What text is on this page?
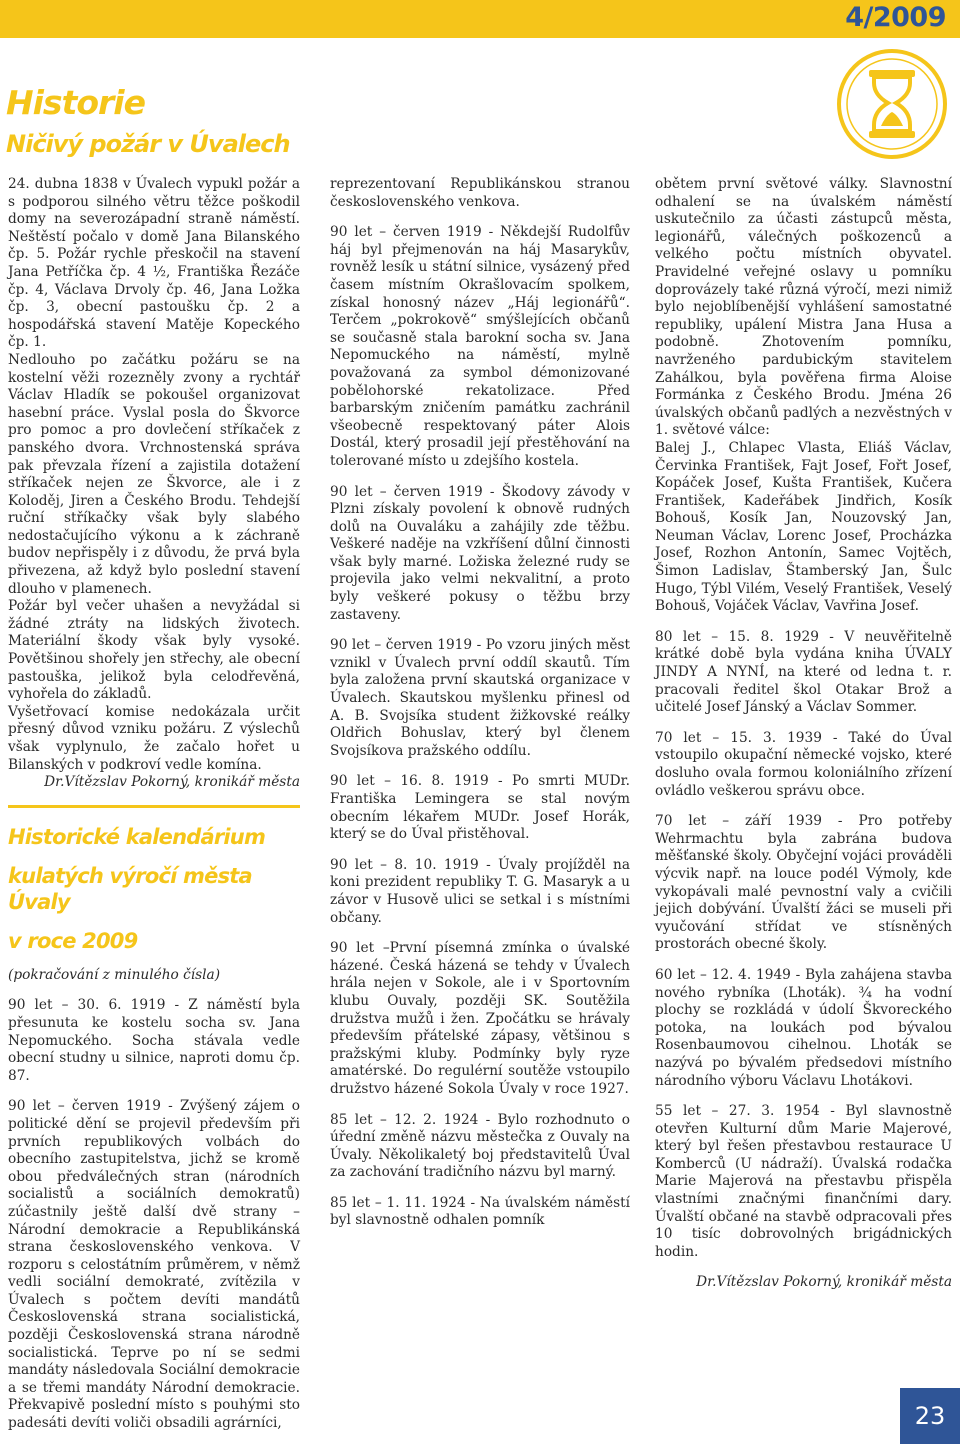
4/2009
Historie
Ničivý požár v Úvalech

24. dubna 1838 v Úvalech vypukl požár a s podporou silného větru těžce poškodil domy na severozápadní straně náměstí. Neštěstí počalo v domě Jana Bilanského čp. 5. Požár rychle přeskočil na stavení Jana Petříčka čp. 4 ½, Františka Řezáče čp. 4, Václava Drvoly čp. 46, Jana Ložka čp. 3, obecní pastoušku čp. 2 a hospodářská stavení Matěje Kopeckého čp. 1.

Nedlouho po začátku požáru se na kostelní věži rozezněly zvony a rychtář Václav Hladík se pokoušel organizovat hasební práce. Vyslal posla do Škvorce pro pomoc a pro dovlečení stříkaček z panského dvora. Vrchnostenská správa pak převzala řízení a zajistila dotažení stříkaček nejen ze Škvorce, ale i z Koloděj, Jiren a Českého Brodu. Tehdejší ruční stříkačky však byly slabého nedostačujícího výkonu a k záchraně budov nepřispěly i z důvodu, že prvá byla přivezena, až když bylo poslední stavení dlouho v plamenech.

Požár byl večer uhašen a nevyžádal si žádné ztráty na lidských životech. Materiální škody však byly vysoké. Povětšinou shořely jen střechy, ale obecní pastouška, jelikož byla celodřevěná, vyhořela do základů.

Vyšetřovací komise nedokázala určit přesný důvod vzniku požáru. Z výslechů však vyplynulo, že začalo hořet u Bilanských v podkroví vedle komína.

Dr.Vítězslav Pokorný, kronikář města

Historické kalendárium

kulatých výročí města Úvaly

v roce 2009

(pokračování z minulého čísla)

90 let – 30. 6. 1919 - Z náměstí byla přesunuta ke kostelu socha sv. Jana Nepomuckého. Socha stávala vedle obecní studny u silnice, naproti domu čp. 87.

90 let – červen 1919 - Zvýšený zájem o politické dění se projevil především při prvních republikových volbách do obecního zastupitelstva, jichž se kromě obou předválečných stran (národních socialistů a sociálních demokratů) zúčastnily ještě další dvě strany – Národní demokracie a Republikánská strana československého venkova. V rozporu s celostátním průměrem, v němž vedli sociální demokraté, zvítězila v Úvalech s počtem devíti mandátů Československá strana socialistická, později Československá strana národně socialistická. Teprve po ní se sedmi mandáty následovala Sociální demokracie a se třemi mandáty Národní demokracie. Překvapivě poslední místo s pouhými sto padesáti devíti voliči obsadili agrárníci,

reprezentovaní Republikánskou stranou československého venkova.

90 let – červen 1919 - Někdejší Rudolfův háj byl přejmenován na háj Masarykův, rovněž lesík u státní silnice, vysázený před časem místním Okrašlovacím spolkem, získal honosný název „Háj legionářů“. Terčem „pokrokově“ smýšlejících občanů se současně stala barokní socha sv. Jana Nepomuckého na náměstí, mylně považovaná za symbol démonizované pobělohorské rekatolizace. Před barbarským zničením památku zachránil všeobecně respektovaný páter Alois Dostál, který prosadil její přestěhování na tolerované místo u zdejšího kostela.

90 let – červen 1919 - Škodovy závody v Plzni získaly povolení k obnově rudných dolů na Ouvaláku a zahájily zde těžbu. Veškeré naděje na vzkříšení důlní činnosti však byly marné. Ložiska železné rudy se projevila jako velmi nekvalitní, a proto byly veškeré pokusy o těžbu brzy zastaveny.

90 let – červen 1919 - Po vzoru jiných měst vznikl v Úvalech první oddíl skautů. Tím byla založena první skautská organizace v Úvalech. Skautskou myšlenku přinesl od A. B. Svojsíka student žižkovské reálky Oldřich Bohuslav, který byl členem Svojsíkova pražského oddílu.

90 let – 16. 8. 1919 - Po smrti MUDr. Františka Lemingera se stal novým obecním lékařem MUDr. Josef Horák, který se do Úval přistěhoval.

90 let – 8. 10. 1919 - Úvaly projížděl na koni prezident republiky T. G. Masaryk a u závor v Husově ulici se setkal i s místními občany.

90 let –První písemná zmínka o úvalské házené. Česká házená se tehdy v Úvalech hrála nejen v Sokole, ale i v Sportovním klubu Ouvaly, později SK. Soutěžila družstva mužů i žen. Zpočátku se hrávaly především přátelské zápasy, většinou s pražskými kluby. Podmínky byly ryze amatérské. Do regulérní soutěže vstoupilo družstvo házené Sokola Úvaly v roce 1927.

85 let – 12. 2. 1924 - Bylo rozhodnuto o úřední změně názvu městečka z Ouvaly na Úvaly. Několikaletý boj představitelů Úval za zachování tradičního názvu byl marný.

85 let – 1. 11. 1924 - Na úvalském náměstí byl slavnostně odhalen pomník

obětem první světové války. Slavnostní odhalení se na úvalském náměstí uskutečnilo za účasti zástupců města, legionářů, válečných poškozenců a velkého počtu místních obyvatel. Pravidelné veřejné oslavy u pomníku doprovázely také různá výročí, mezi nimiž bylo nejoblíbenější vyhlášení samostatné republiky, upálení Mistra Jana Husa a podobně. Zhotovením pomníku, navrženého pardubickým stavitelem Zahálkou, byla pověřena firma Aloise Formánka z Českého Brodu. Jména 26 úvalských občanů padlých a nezvěstných v 1. světové válce:

Balej J., Chlapec Vlasta, Eliáš Václav, Červinka František, Fajt Josef, Fořt Josef, Kopáček Josef, Kušta František, Kučera František, Kadeřábek Jindřich, Kosík Bohouš, Kosík Jan, Nouzovský Jan, Neuman Václav, Lorenc Josef, Procházka Josef, Rozhon Antonín, Samec Vojtěch, Šimon Ladislav, Štamberský Jan, Šulc Hugo, Týbl Vilém, Veselý František, Veselý Bohouš, Vojáček Václav, Vavřina Josef.

80 let – 15. 8. 1929 - V neuvěřitelně krátké době byla vydána kniha ÚVALY JINDY A NYNÍ, na které od ledna t. r. pracovali ředitel škol Otakar Brož a učitelé Josef Jánský a Václav Sommer.

70 let – 15. 3. 1939 - Také do Úval vstoupilo okupační německé vojsko, které dosluho ovala formou koloniálního zřízení ovládlo veškerou správu obce.

70 let – září 1939 - Pro potřeby Wehrmachtu byla zabrána budova měšťanské školy. Obyčejní vojáci prováděli výcvik např. na louce podél Výmoly, kde vykopávali malé pevnostní valy a cvičili jejich dobývání. Úvalští žáci se museli při vyučování střídat ve stísněných prostorách obecné školy.

60 let – 12. 4. 1949 - Byla zahájena stavba nového rybníka (Lhoták). ¾ ha vodní plochy se rozkládá v údolí Škvoreckého potoka, na loukách pod bývalou Rosenbaumovou cihelnou. Lhoták se nazývá po bývalém předsedovi místního národního výboru Václavu Lhotákovi.

55 let – 27. 3. 1954 - Byl slavnostně otevřen Kulturní dům Marie Majerové, který byl řešen přestavbou restaurace U Komberců (U nádraží). Úvalská rodačka Marie Majerová na přestavbu přispěla vlastními značnými finančními dary. Úvalští občané na stavbě odpracovali přes 10 tisíc dobrovolných brigádnických hodin.

Dr.Vítězslav Pokorný, kronikář města

23
